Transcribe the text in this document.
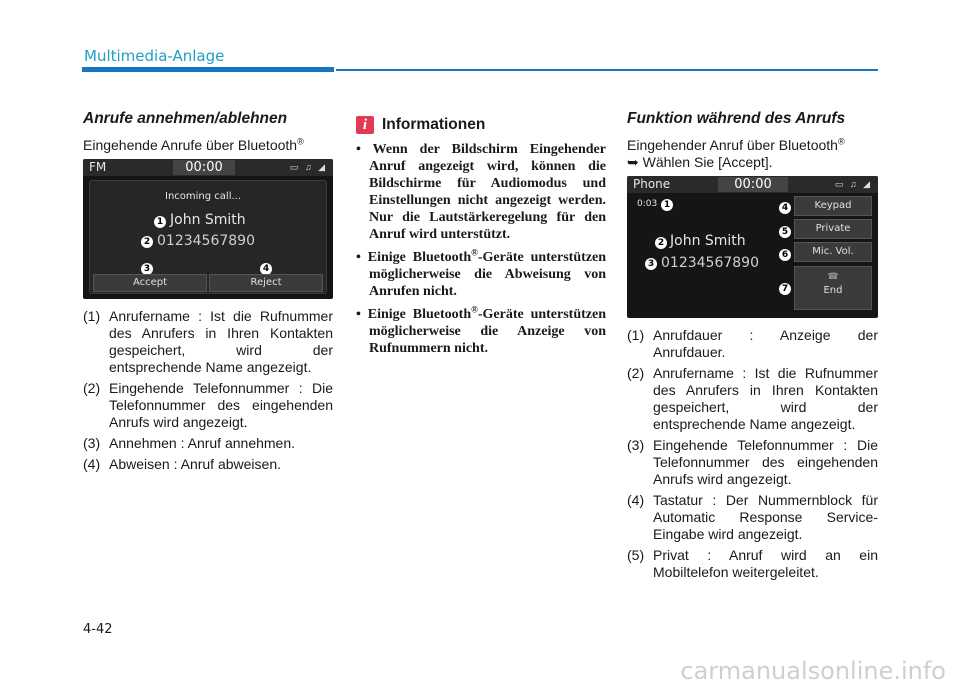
Multimedia-Anlage
Anrufe annehmen/ablehnen
Eingehende Anrufe über Bluetooth®
FM	00:00	▭ ♫ ◢
Incoming call...
1 John Smith
2 01234567890
3	4
Accept	Reject
(1) Anrufername : Ist die Rufnummer des Anrufers in Ihren Kontakten gespeichert, wird der entsprechende Name angezeigt.
(2) Eingehende Telefonnummer : Die Telefonnummer des eingehenden Anrufs wird angezeigt.
(3) Annehmen : Anruf annehmen.
(4) Abweisen : Anruf abweisen.
i Informationen
• Wenn der Bildschirm Eingehender Anruf angezeigt wird, können die Bildschirme für Audiomodus und Einstellungen nicht angezeigt werden. Nur die Lautstärkeregelung für den Anruf wird unterstützt.
• Einige Bluetooth®-Geräte unterstützen möglicherweise die Abweisung von Anrufen nicht.
• Einige Bluetooth®-Geräte unterstützen möglicherweise die Anzeige von Rufnummern nicht.
Funktion während des Anrufs
Eingehender Anruf über Bluetooth®
➥ Wählen Sie [Accept].
Phone	00:00	▭ ♫ ◢
0:03 1
2 John Smith
3 01234567890
4
5
6
7
Keypad
Private
Mic. Vol.
☎
End
(1) Anrufdauer : Anzeige der Anrufdauer.
(2) Anrufername : Ist die Rufnummer des Anrufers in Ihren Kontakten gespeichert, wird der entsprechende Name angezeigt.
(3) Eingehende Telefonnummer : Die Telefonnummer des eingehenden Anrufs wird angezeigt.
(4) Tastatur : Der Nummernblock für Automatic Response Service-Eingabe wird angezeigt.
(5) Privat : Anruf wird an ein Mobiltelefon weitergeleitet.
4-42
carmanualsonline.info
